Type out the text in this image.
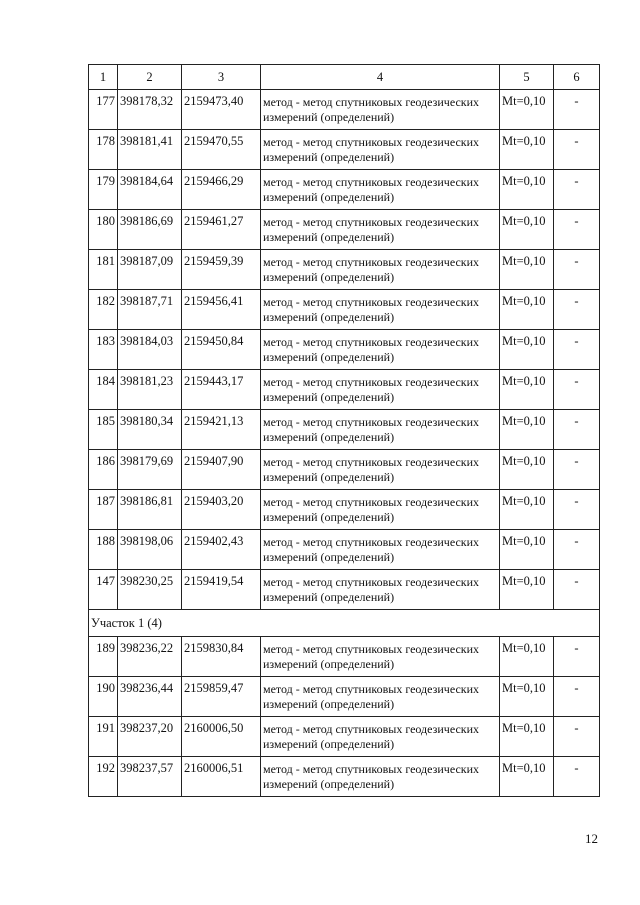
1	2	3	4	5	6
177	398178,32	2159473,40	метод - метод спутниковых геодезических измерений (определений)	Mt=0,10	-
178	398181,41	2159470,55	метод - метод спутниковых геодезических измерений (определений)	Mt=0,10	-
179	398184,64	2159466,29	метод - метод спутниковых геодезических измерений (определений)	Mt=0,10	-
180	398186,69	2159461,27	метод - метод спутниковых геодезических измерений (определений)	Mt=0,10	-
181	398187,09	2159459,39	метод - метод спутниковых геодезических измерений (определений)	Mt=0,10	-
182	398187,71	2159456,41	метод - метод спутниковых геодезических измерений (определений)	Mt=0,10	-
183	398184,03	2159450,84	метод - метод спутниковых геодезических измерений (определений)	Mt=0,10	-
184	398181,23	2159443,17	метод - метод спутниковых геодезических измерений (определений)	Mt=0,10	-
185	398180,34	2159421,13	метод - метод спутниковых геодезических измерений (определений)	Mt=0,10	-
186	398179,69	2159407,90	метод - метод спутниковых геодезических измерений (определений)	Mt=0,10	-
187	398186,81	2159403,20	метод - метод спутниковых геодезических измерений (определений)	Mt=0,10	-
188	398198,06	2159402,43	метод - метод спутниковых геодезических измерений (определений)	Mt=0,10	-
147	398230,25	2159419,54	метод - метод спутниковых геодезических измерений (определений)	Mt=0,10	-
Участок 1 (4)					
189	398236,22	2159830,84	метод - метод спутниковых геодезических измерений (определений)	Mt=0,10	-
190	398236,44	2159859,47	метод - метод спутниковых геодезических измерений (определений)	Mt=0,10	-
191	398237,20	2160006,50	метод - метод спутниковых геодезических измерений (определений)	Mt=0,10	-
192	398237,57	2160006,51	метод - метод спутниковых геодезических измерений (определений)	Mt=0,10	-
12
